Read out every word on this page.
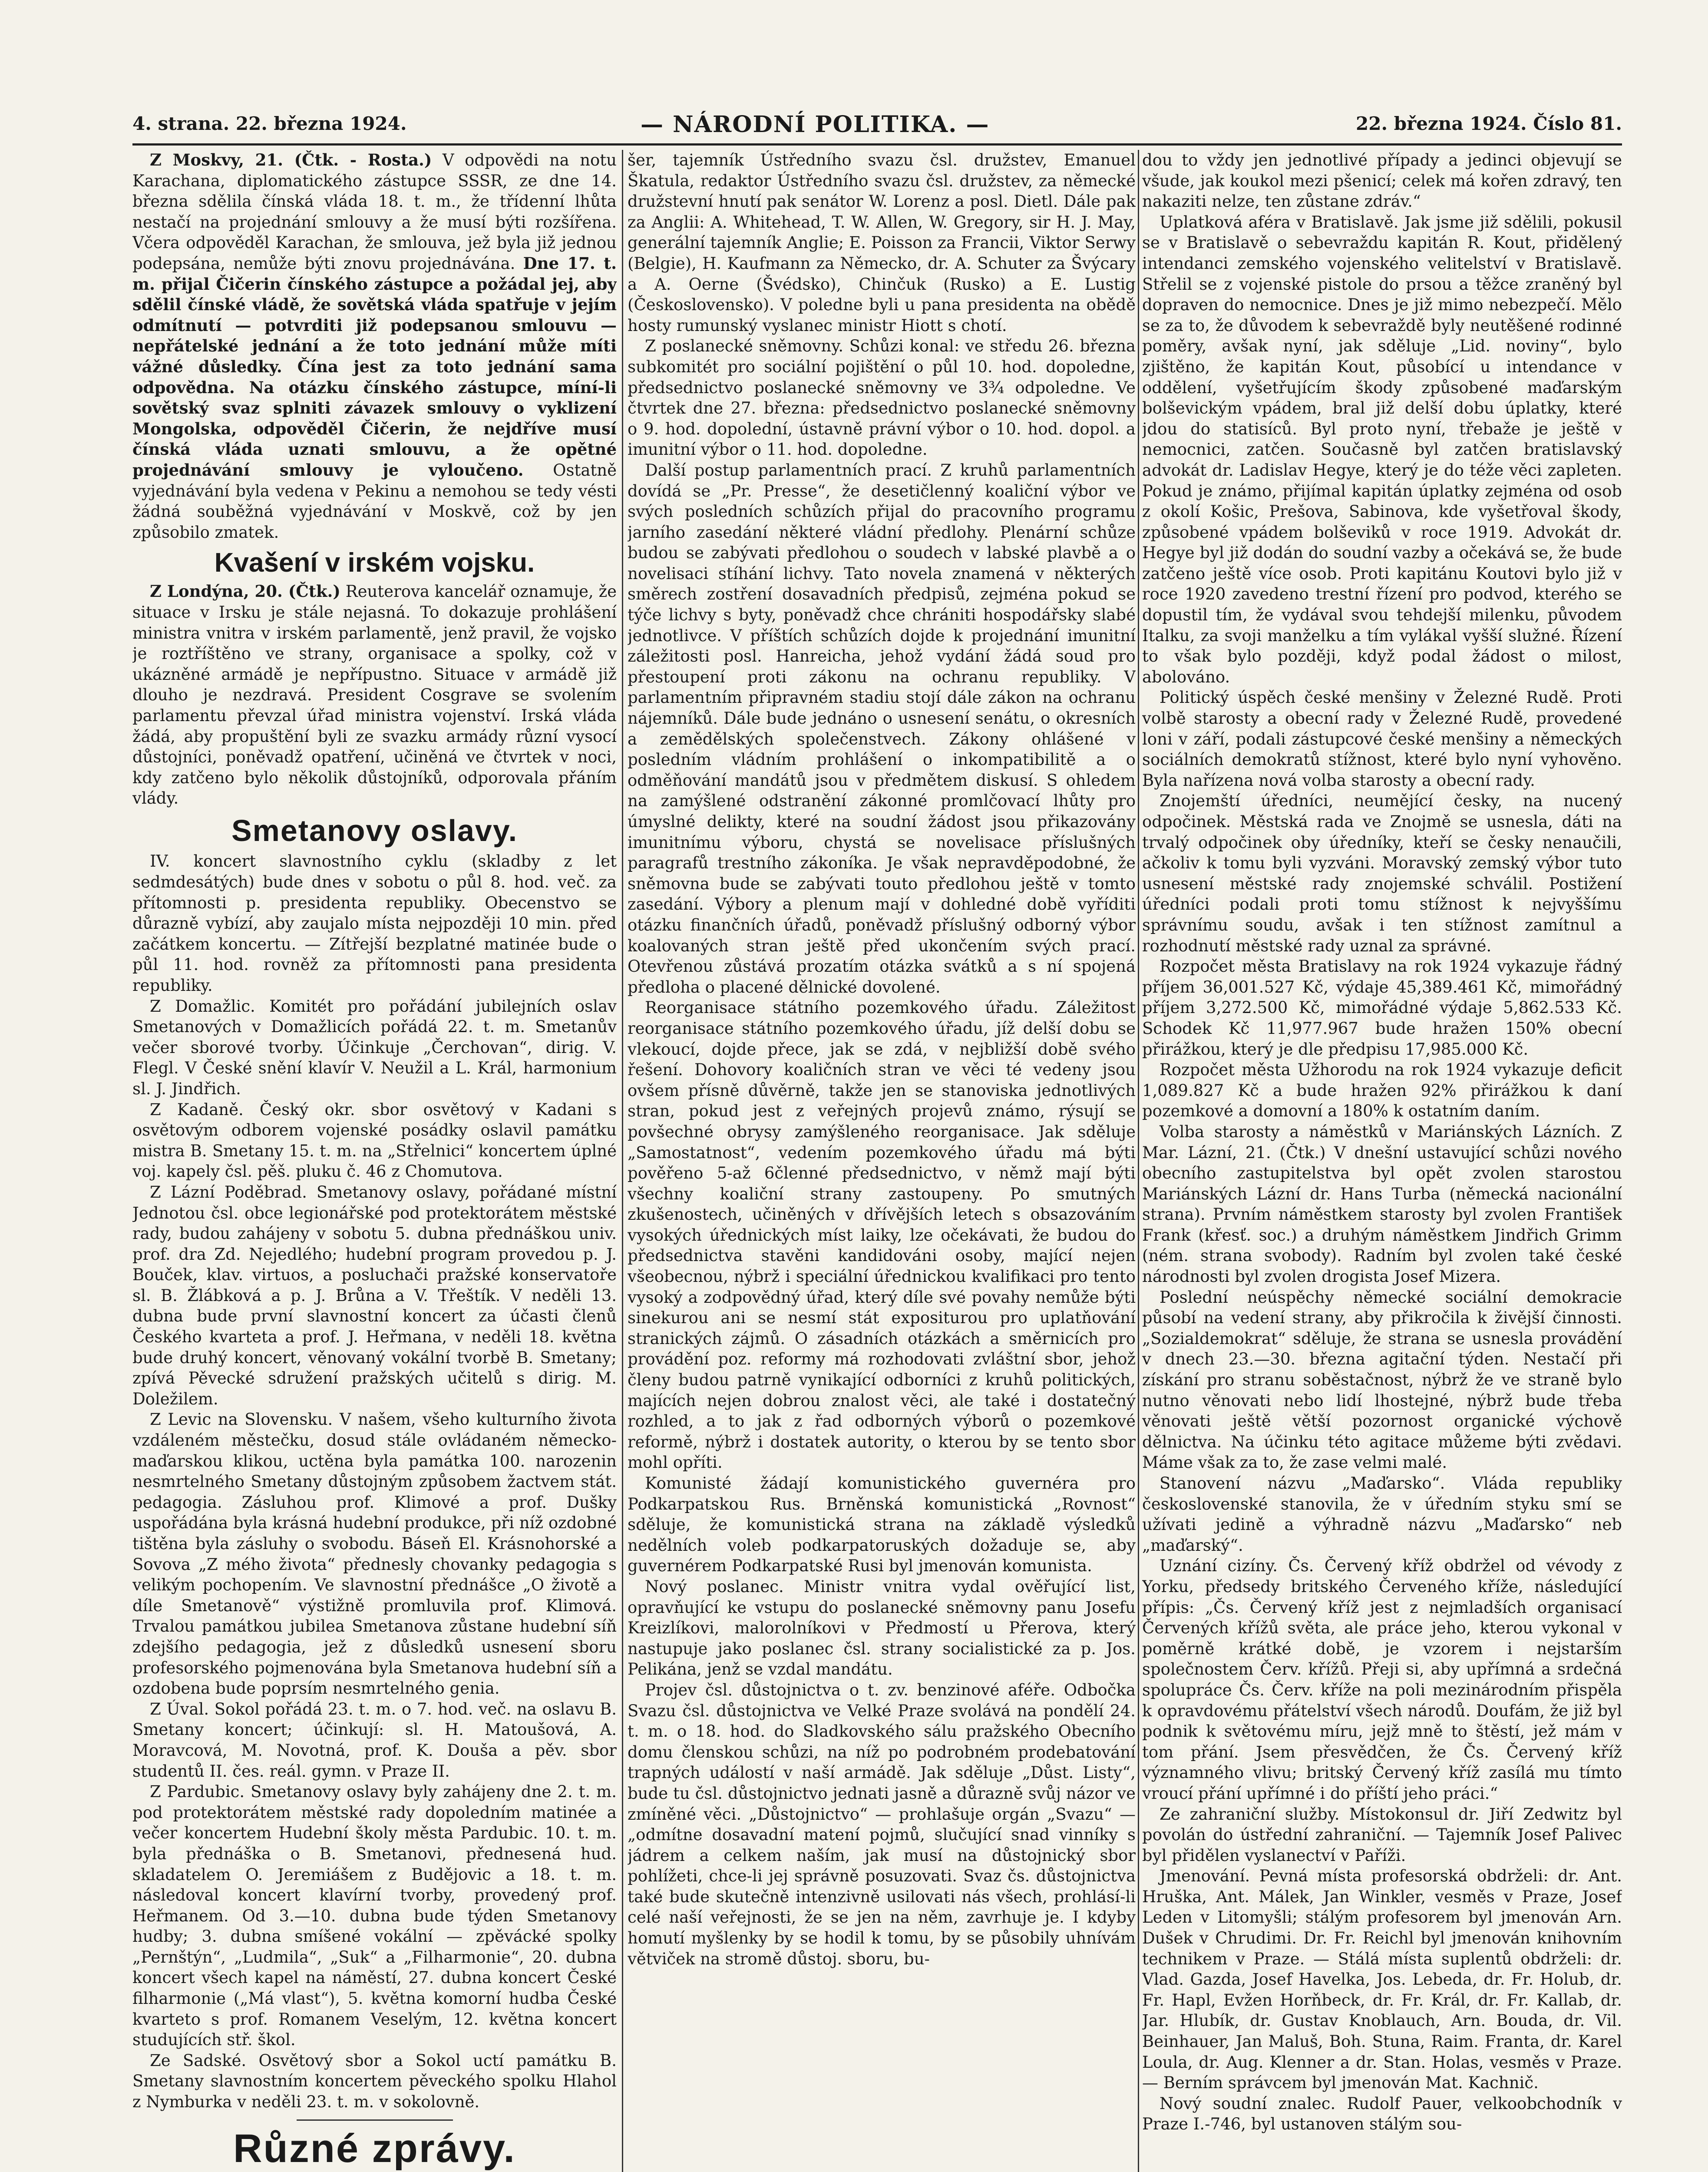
4. strana. 22. března 1924.	— NÁRODNÍ POLITIKA. —	22. března 1924. Číslo 81.

Z Moskvy, 21. (Čtk. - Rosta.) V odpovědi na notu Karachana, diplomatického zástupce SSSR, ze dne 14. března sdělila čínská vláda 18. t. m., že třídenní lhůta nestačí na projednání smlouvy a že musí býti rozšířena. Včera odpověděl Karachan, že smlouva, jež byla již jednou podepsána, nemůže býti znovu projednávána. Dne 17. t. m. přijal Čičerin čínského zástupce a požádal jej, aby sdělil čínské vládě, že sovětská vláda spatřuje v jejím odmítnutí — potvrditi již podepsanou smlouvu — nepřátelské jednání a že toto jednání může míti vážné důsledky. Čína jest za toto jednání sama odpovědna. Na otázku čínského zástupce, míní-li sovětský svaz splniti závazek smlouvy o vyklizení Mongolska, odpověděl Čičerin, že nejdříve musí čínská vláda uznati smlouvu, a že opětné projednávání smlouvy je vyloučeno. Ostatně vyjednávání byla vedena v Pekinu a nemohou se tedy vésti žádná souběžná vyjednávání v Moskvě, což by jen způsobilo zmatek.

Kvašení v irském vojsku.

Z Londýna, 20. (Čtk.) Reuterova kancelář oznamuje, že situace v Irsku je stále nejasná. To dokazuje prohlášení ministra vnitra v irském parlamentě, jenž pravil, že vojsko je roztříštěno ve strany, organisace a spolky, což v ukázněné armádě je nepřípustno. Situace v armádě již dlouho je nezdravá. President Cosgrave se svolením parlamentu převzal úřad ministra vojenství. Irská vláda žádá, aby propuštění byli ze svazku armády různí vysocí důstojníci, poněvadž opatření, učiněná ve čtvrtek v noci, kdy zatčeno bylo několik důstojníků, odporovala přáním vlády.

Smetanovy oslavy.

IV. koncert slavnostního cyklu (skladby z let sedmdesátých) bude dnes v sobotu o půl 8. hod. več. za přítomnosti p. presidenta republiky. Obecenstvo se důrazně vybízí, aby zaujalo místa nejpozději 10 min. před začátkem koncertu. — Zítřejší bezplatné matinée bude o půl 11. hod. rovněž za přítomnosti pana presidenta republiky.

Z Domažlic. Komitét pro pořádání jubilejních oslav Smetanových v Domažlicích pořádá 22. t. m. Smetanův večer sborové tvorby. Účinkuje „Čerchovan“, dirig. V. Flegl. V České snění klavír V. Neužil a L. Král, harmonium sl. J. Jindřich.

Z Kadaně. Český okr. sbor osvětový v Kadani s osvětovým odborem vojenské posádky oslavil památku mistra B. Smetany 15. t. m. na „Střelnici“ koncertem úplné voj. kapely čsl. pěš. pluku č. 46 z Chomutova.

Z Lázní Poděbrad. Smetanovy oslavy, pořádané místní Jednotou čsl. obce legionářské pod protektorátem městské rady, budou zahájeny v sobotu 5. dubna přednáškou univ. prof. dra Zd. Nejedlého; hudební program provedou p. J. Bouček, klav. virtuos, a posluchači pražské konservatoře sl. B. Žlábková a p. J. Brůna a V. Třeštík. V neděli 13. dubna bude první slavnostní koncert za účasti členů Českého kvarteta a prof. J. Heřmana, v neděli 18. května bude druhý koncert, věnovaný vokální tvorbě B. Smetany; zpívá Pěvecké sdružení pražských učitelů s dirig. M. Doležilem.

Z Levic na Slovensku. V našem, všeho kulturního života vzdáleném městečku, dosud stále ovládaném německo-maďarskou klikou, uctěna byla památka 100. narozenin nesmrtelného Smetany důstojným způsobem žactvem stát. pedagogia. Zásluhou prof. Klimové a prof. Dušky uspořádána byla krásná hudební produkce, při níž ozdobné tištěna byla zásluhy o svobodu. Báseň El. Krásnohorské a Sovova „Z mého života“ přednesly chovanky pedagogia s velikým pochopením. Ve slavnostní přednášce „O životě a díle Smetanově“ výstižně promluvila prof. Klimová. Trvalou památkou jubilea Smetanova zůstane hudební síň zdejšího pedagogia, jež z důsledků usnesení sboru profesorského pojmenována byla Smetanova hudební síň a ozdobena bude poprsím nesmrtelného genia.

Z Úval. Sokol pořádá 23. t. m. o 7. hod. več. na oslavu B. Smetany koncert; účinkují: sl. H. Matoušová, A. Moravcová, M. Novotná, prof. K. Douša a pěv. sbor studentů II. čes. reál. gymn. v Praze II.

Z Pardubic. Smetanovy oslavy byly zahájeny dne 2. t. m. pod protektorátem městské rady dopoledním matinée a večer koncertem Hudební školy města Pardubic. 10. t. m. byla přednáška o B. Smetanovi, přednesená hud. skladatelem O. Jeremiášem z Budějovic a 18. t. m. následoval koncert klavírní tvorby, provedený prof. Heřmanem. Od 3.—10. dubna bude týden Smetanovy hudby; 3. dubna smíšené vokální — zpěvácké spolky „Pernštýn“, „Ludmila“, „Suk“ a „Filharmonie“, 20. dubna koncert všech kapel na náměstí, 27. dubna koncert České filharmonie („Má vlast“), 5. května komorní hudba České kvarteto s prof. Romanem Veselým, 12. května koncert studujících stř. škol.

Ze Sadské. Osvětový sbor a Sokol uctí památku B. Smetany slavnostním koncertem pěveckého spolku Hlahol z Nymburka v neděli 23. t. m. v sokolovně.

Různé zprávy.

šer, tajemník Ústředního svazu čsl. družstev, Emanuel Škatula, redaktor Ústředního svazu čsl. družstev, za německé družstevní hnutí pak senátor W. Lorenz a posl. Dietl. Dále pak za Anglii: A. Whitehead, T. W. Allen, W. Gregory, sir H. J. May, generální tajemník Anglie; E. Poisson za Francii, Viktor Serwy (Belgie), H. Kaufmann za Německo, dr. A. Schuter za Švýcary a A. Oerne (Švédsko), Chinčuk (Rusko) a E. Lustig (Československo). V poledne byli u pana presidenta na obědě hosty rumunský vyslanec ministr Hiott s chotí.

Z poslanecké sněmovny. Schůzi konal: ve středu 26. března subkomitét pro sociální pojištění o půl 10. hod. dopoledne, předsednictvo poslanecké sněmovny ve 3¾ odpoledne. Ve čtvrtek dne 27. března: předsednictvo poslanecké sněmovny o 9. hod. dopolední, ústavně právní výbor o 10. hod. dopol. a imunitní výbor o 11. hod. dopoledne.

Další postup parlamentních prací. Z kruhů parlamentních dovídá se „Pr. Presse“, že desetičlenný koaliční výbor ve svých posledních schůzích přijal do pracovního programu jarního zasedání některé vládní předlohy. Plenární schůze budou se zabývati předlohou o soudech v labské plavbě a o novelisaci stíhání lichvy. Tato novela znamená v některých směrech zostření dosavadních předpisů, zejména pokud se týče lichvy s byty, poněvadž chce chrániti hospodářsky slabé jednotlivce. V příštích schůzích dojde k projednání imunitní záležitosti posl. Hanreicha, jehož vydání žádá soud pro přestoupení proti zákonu na ochranu republiky. V parlamentním připravném stadiu stojí dále zákon na ochranu nájemníků. Dále bude jednáno o usnesení senátu, o okresních a zemědělských společenstvech. Zákony ohlášené v posledním vládním prohlášení o inkompatibilitě a o odměňování mandátů jsou v předmětem diskusí. S ohledem na zamýšlené odstranění zákonné promlčovací lhůty pro úmyslné delikty, které na soudní žádost jsou přikazovány imunitnímu výboru, chystá se novelisace příslušných paragrafů trestního zákoníka. Je však nepravděpodobné, že sněmovna bude se zabývati touto předlohou ještě v tomto zasedání. Výbory a plenum mají v dohledné době vyříditi otázku finančních úřadů, poněvadž příslušný odborný výbor koalovaných stran ještě před ukončením svých prací. Otevřenou zůstává prozatím otázka svátků a s ní spojená předloha o placené dělnické dovolené.

Reorganisace státního pozemkového úřadu. Záležitost reorganisace státního pozemkového úřadu, jíž delší dobu se vlekoucí, dojde přece, jak se zdá, v nejbližší době svého řešení. Dohovory koaličních stran ve věci té vedeny jsou ovšem přísně důvěrně, takže jen se stanoviska jednotlivých stran, pokud jest z veřejných projevů známo, rýsují se povšechné obrysy zamýšleného reorganisace. Jak sděluje „Samostatnost“, vedením pozemkového úřadu má býti pověřeno 5-až 6členné předsednictvo, v němž mají býti všechny koaliční strany zastoupeny. Po smutných zkušenostech, učiněných v dřívějších letech s obsazováním vysokých úřednických míst laiky, lze očekávati, že budou do předsednictva stavěni kandidováni osoby, mající nejen všeobecnou, nýbrž i speciální úřednickou kvalifikaci pro tento vysoký a zodpovědný úřad, který díle své povahy nemůže býti sinekurou ani se nesmí stát expositurou pro uplatňování stranických zájmů. O zásadních otázkách a směrnicích pro provádění poz. reformy má rozhodovati zvláštní sbor, jehož členy budou patrně vynikající odborníci z kruhů politických, majících nejen dobrou znalost věci, ale také i dostatečný rozhled, a to jak z řad odborných výborů o pozemkové reformě, nýbrž i dostatek autority, o kterou by se tento sbor mohl opříti.

Komunisté žádají komunistického guvernéra pro Podkarpatskou Rus. Brněnská komunistická „Rovnost“ sděluje, že komunistická strana na základě výsledků nedělních voleb podkarpatoruských dožaduje se, aby guvernérem Podkarpatské Rusi byl jmenován komunista.

Nový poslanec. Ministr vnitra vydal ověřující list, opravňující ke vstupu do poslanecké sněmovny panu Josefu Kreizlíkovi, malorolníkovi v Předmostí u Přerova, který nastupuje jako poslanec čsl. strany socialistické za p. Jos. Pelikána, jenž se vzdal mandátu.

Projev čsl. důstojnictva o t. zv. benzinové aféře. Odbočka Svazu čsl. důstojnictva ve Velké Praze svolává na pondělí 24. t. m. o 18. hod. do Sladkovského sálu pražského Obecního domu členskou schůzi, na níž po podrobném prodebatování trapných událostí v naší armádě. Jak sděluje „Důst. Listy“, bude tu čsl. důstojnictvo jednati jasně a důrazně svůj názor ve zmíněné věci. „Důstojnictvo“ — prohlašuje orgán „Svazu“ — „odmítne dosavadní matení pojmů, slučující snad vinníky s jádrem a celkem naším, jak musí na důstojnický sbor pohlížeti, chce-li jej správně posuzovati. Svaz čs. důstojnictva také bude skutečně intenzivně usilovati nás všech, prohlásí-li celé naší veřejnosti, že se jen na něm, zavrhuje je. I kdyby homutí myšlenky by se hodil k tomu, by se působily uhnívám větviček na stromě důstoj. sboru, bu-

dou to vždy jen jednotlivé případy a jedinci objevují se všude, jak koukol mezi pšenicí; celek má kořen zdravý, ten nakaziti nelze, ten zůstane zdráv.“

Uplatková aféra v Bratislavě. Jak jsme již sdělili, pokusil se v Bratislavě o sebevraždu kapitán R. Kout, přidělený intendanci zemského vojenského velitelství v Bratislavě. Střelil se z vojenské pistole do prsou a těžce zraněný byl dopraven do nemocnice. Dnes je již mimo nebezpečí. Mělo se za to, že důvodem k sebevraždě byly neutěšené rodinné poměry, avšak nyní, jak sděluje „Lid. noviny“, bylo zjištěno, že kapitán Kout, působící u intendance v oddělení, vyšetřujícím škody způsobené maďarským bolševickým vpádem, bral již delší dobu úplatky, které jdou do statisíců. Byl proto nyní, třebaže je ještě v nemocnici, zatčen. Současně byl zatčen bratislavský advokát dr. Ladislav Hegye, který je do téže věci zapleten. Pokud je známo, přijímal kapitán úplatky zejména od osob z okolí Košic, Prešova, Sabinova, kde vyšetřoval škody, způsobené vpádem bolševiků v roce 1919. Advokát dr. Hegye byl již dodán do soudní vazby a očekává se, že bude zatčeno ještě více osob. Proti kapitánu Koutovi bylo již v roce 1920 zavedeno trestní řízení pro podvod, kterého se dopustil tím, že vydával svou tehdejší milenku, původem Italku, za svoji manželku a tím vylákal vyšší služné. Řízení to však bylo později, když podal žádost o milost, abolováno.

Politický úspěch české menšiny v Železné Rudě. Proti volbě starosty a obecní rady v Železné Rudě, provedené loni v září, podali zástupcové české menšiny a německých sociálních demokratů stížnost, které bylo nyní vyhověno. Byla nařízena nová volba starosty a obecní rady.

Znojemští úředníci, neumějící česky, na nucený odpočinek. Městská rada ve Znojmě se usnesla, dáti na trvalý odpočinek oby úředníky, kteří se česky nenaučili, ačkoliv k tomu byli vyzváni. Moravský zemský výbor tuto usnesení městské rady znojemské schválil. Postižení úředníci podali proti tomu stížnost k nejvyššímu správnímu soudu, avšak i ten stížnost zamítnul a rozhodnutí městské rady uznal za správné.

Rozpočet města Bratislavy na rok 1924 vykazuje řádný příjem 36,001.527 Kč, výdaje 45,389.461 Kč, mimořádný příjem 3,272.500 Kč, mimořádné výdaje 5,862.533 Kč. Schodek Kč 11,977.967 bude hražen 150% obecní přirážkou, který je dle předpisu 17,985.000 Kč.

Rozpočet města Užhorodu na rok 1924 vykazuje deficit 1,089.827 Kč a bude hražen 92% přirážkou k daní pozemkové a domovní a 180% k ostatním daním.

Volba starosty a náměstků v Mariánských Lázních. Z Mar. Lázní, 21. (Čtk.) V dnešní ustavující schůzi nového obecního zastupitelstva byl opět zvolen starostou Mariánských Lázní dr. Hans Turba (německá nacionální strana). Prvním náměstkem starosty byl zvolen František Frank (křesť. soc.) a druhým náměstkem Jindřich Grimm (ném. strana svobody). Radním byl zvolen také české národnosti byl zvolen drogista Josef Mizera.

Poslední neúspěchy německé sociální demokracie působí na vedení strany, aby přikročila k živější činnosti. „Sozialdemokrat“ sděluje, že strana se usnesla provádění v dnech 23.—30. března agitační týden. Nestačí při získání pro stranu soběstačnost, nýbrž že ve straně bylo nutno věnovati nebo lidí lhostejné, nýbrž bude třeba věnovati ještě větší pozornost organické výchově dělnictva. Na účinku této agitace můžeme býti zvědavi. Máme však za to, že zase velmi malé.

Stanovení názvu „Maďarsko“. Vláda republiky československé stanovila, že v úředním styku smí se užívati jedině a výhradně názvu „Maďarsko“ neb „maďarský“.

Uznání cizíny. Čs. Červený kříž obdržel od vévody z Yorku, předsedy britského Červeného kříže, následující přípis: „Čs. Červený kříž jest z nejmladších organisací Červených křížů světa, ale práce jeho, kterou vykonal v poměrně krátké době, je vzorem i nejstarším společnostem Červ. křížů. Přeji si, aby upřímná a srdečná spolupráce Čs. Červ. kříže na poli mezinárodním přispěla k opravdovému přátelství všech národů. Doufám, že již byl podnik k světovému míru, jejž mně to štěstí, jež mám v tom přání. Jsem přesvědčen, že Čs. Červený kříž významného vlivu; britský Červený kříž zasílá mu tímto vroucí přání upřímné i do příští jeho práci.“

Ze zahraniční služby. Místokonsul dr. Jiří Zedwitz byl povolán do ústřední zahraniční. — Tajemník Josef Palivec byl přidělen vyslanectví v Paříži.

Jmenování. Pevná místa profesorská obdrželi: dr. Ant. Hruška, Ant. Málek, Jan Winkler, vesměs v Praze, Josef Leden v Litomyšli; stálým profesorem byl jmenován Arn. Dušek v Chrudimi. Dr. Fr. Reichl byl jmenován knihovním technikem v Praze. — Stálá místa suplentů obdrželi: dr. Vlad. Gazda, Josef Havelka, Jos. Lebeda, dr. Fr. Holub, dr. Fr. Hapl, Evžen Horňbeck, dr. Fr. Král, dr. Fr. Kallab, dr. Jar. Hlubík, dr. Gustav Knoblauch, Arn. Bouda, dr. Vil. Beinhauer, Jan Maluš, Boh. Stuna, Raim. Franta, dr. Karel Loula, dr. Aug. Klenner a dr. Stan. Holas, vesměs v Praze. — Berním správcem byl jmenován Mat. Kachnič.

Nový soudní znalec. Rudolf Pauer, velkoobchodník v Praze I.-746, byl ustanoven stálým sou-
